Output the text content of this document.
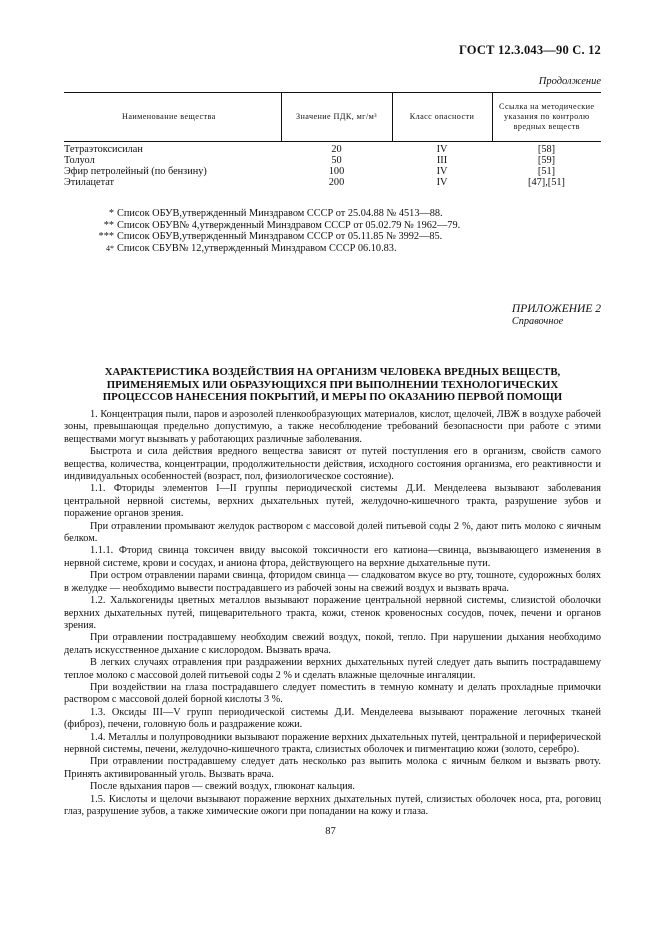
ГОСТ 12.3.043—90 С. 12
Продолжение
Наименование вещества	Значение ПДК, мг/м³	Класс опасности	Ссылка на методические указания по контролю вредных веществ
Тетраэтоксисилан	20	IV	[58]
Толуол	50	III	[59]
Эфир петролейный (по бензину)	100	IV	[51]
Этилацетат	200	IV	[47],[51]
* Список ОБУВ,утвержденный Минздравом СССР от 25.04.88 № 4513—88.
** Список ОБУВ№ 4,утвержденный Минздравом СССР от 05.02.79 № 1962—79.
*** Список ОБУВ,утвержденный Минздравом СССР от 05.11.85 № 3992—85.
4* Список СБУВ№ 12,утвержденный Минздравом СССР 06.10.83.
ПРИЛОЖЕНИЕ 2
Справочное
ХАРАКТЕРИСТИКА ВОЗДЕЙСТВИЯ НА ОРГАНИЗМ ЧЕЛОВЕКА ВРЕДНЫХ ВЕЩЕСТВ,
ПРИМЕНЯЕМЫХ ИЛИ ОБРАЗУЮЩИХСЯ ПРИ ВЫПОЛНЕНИИ ТЕХНОЛОГИЧЕСКИХ
ПРОЦЕССОВ НАНЕСЕНИЯ ПОКРЫТИЙ, И МЕРЫ ПО ОКАЗАНИЮ ПЕРВОЙ ПОМОЩИ

1. Концентрация пыли, паров и аэрозолей пленкообразующих материалов, кислот, щелочей, ЛВЖ в воздухе рабочей зоны, превышающая предельно допустимую, а также несоблюдение требований безопасности при работе с этими веществами могут вызывать у работающих различные заболевания.

Быстрота и сила действия вредного вещества зависят от путей поступления его в организм, свойств самого вещества, количества, концентрации, продолжительности действия, исходного состояния организма, его реактивности и индивидуальных особенностей (возраст, пол, физиологическое состояние).

1.1. Фториды элементов I—II группы периодической системы Д.И. Менделеева вызывают заболевания центральной нервной системы, верхних дыхательных путей, желудочно-кишечного тракта, разрушение зубов и поражение органов зрения.

При отравлении промывают желудок раствором с массовой долей питьевой соды 2 %, дают пить молоко с яичным белком.

1.1.1. Фторид свинца токсичен ввиду высокой токсичности его катиона—свинца, вызывающего изменения в нервной системе, крови и сосудах, и аниона фтора, действующего на верхние дыхательные пути.

При остром отравлении парами свинца, фторидом свинца — сладковатом вкусе во рту, тошноте, судорожных болях в желудке — необходимо вывести пострадавшего из рабочей зоны на свежий воздух и вызвать врача.

1.2. Халькогениды цветных металлов вызывают поражение центральной нервной системы, слизистой оболочки верхних дыхательных путей, пищеварительного тракта, кожи, стенок кровеносных сосудов, почек, печени и органов зрения.

При отравлении пострадавшему необходим свежий воздух, покой, тепло. При нарушении дыхания необходимо делать искусственное дыхание с кислородом. Вызвать врача.

В легких случаях отравления при раздражении верхних дыхательных путей следует дать выпить пострадавшему теплое молоко с массовой долей питьевой соды 2 % и сделать влажные щелочные ингаляции.

При воздействии на глаза пострадавшего следует поместить в темную комнату и делать прохладные примочки раствором с массовой долей борной кислоты 3 %.

1.3. Оксиды III—V групп периодической системы Д.И. Менделеева вызывают поражение легочных тканей (фиброз), печени, головную боль и раздражение кожи.

1.4. Металлы и полупроводники вызывают поражение верхних дыхательных путей, центральной и периферической нервной системы, печени, желудочно-кишечного тракта, слизистых оболочек и пигментацию кожи (золото, серебро).

При отравлении пострадавшему следует дать несколько раз выпить молока с яичным белком и вызвать рвоту. Принять активированный уголь. Вызвать врача.

После вдыхания паров — свежий воздух, глюконат кальция.

1.5. Кислоты и щелочи вызывают поражение верхних дыхательных путей, слизистых оболочек носа, рта, роговиц глаз, разрушение зубов, а также химические ожоги при попадании на кожу и глаза.

87
